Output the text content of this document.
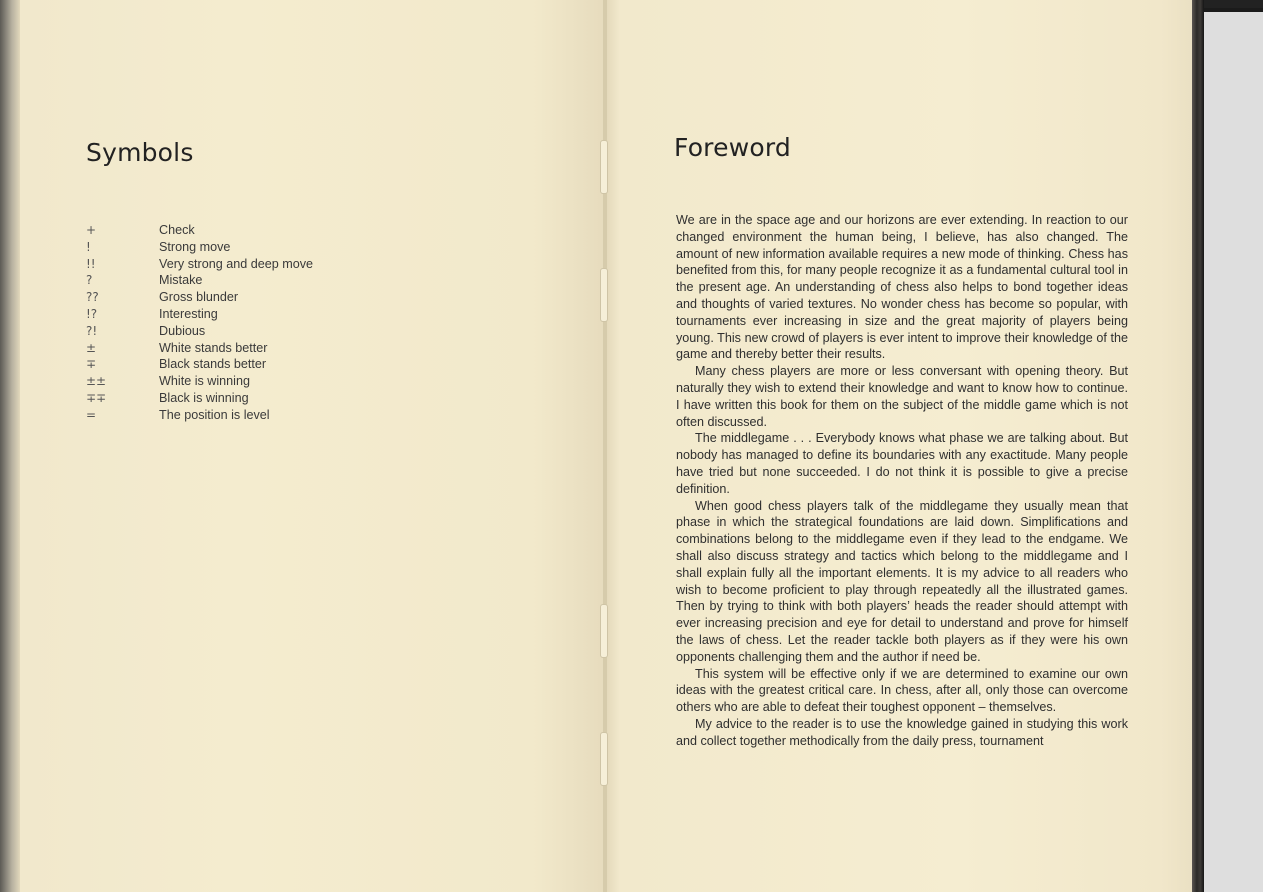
Symbols
+	Check
!	Strong move
!!	Very strong and deep move
?	Mistake
??	Gross blunder
!?	Interesting
?!	Dubious
±	White stands better
∓	Black stands better
±±	White is winning
∓∓	Black is winning
=	The position is level
Foreword

We are in the space age and our horizons are ever extending. In reaction to our changed environment the human being, I believe, has also changed. The amount of new information available requires a new mode of thinking. Chess has benefited from this, for many people recognize it as a fundamental cultural tool in the present age. An understanding of chess also helps to bond together ideas and thoughts of varied textures. No wonder chess has become so popular, with tournaments ever increasing in size and the great majority of players being young. This new crowd of players is ever intent to improve their knowledge of the game and thereby better their results.

Many chess players are more or less conversant with opening theory. But naturally they wish to extend their knowledge and want to know how to continue. I have written this book for them on the subject of the middle game which is not often discussed.

The middlegame . . . Everybody knows what phase we are talking about. But nobody has managed to define its boundaries with any exactitude. Many people have tried but none succeeded. I do not think it is possible to give a precise definition.

When good chess players talk of the middlegame they usually mean that phase in which the strategical foundations are laid down. Simplifications and combinations belong to the middlegame even if they lead to the endgame. We shall also discuss strategy and tactics which belong to the middlegame and I shall explain fully all the important elements. It is my advice to all readers who wish to become proficient to play through repeatedly all the illustrated games. Then by trying to think with both players’ heads the reader should attempt with ever increasing precision and eye for detail to understand and prove for himself the laws of chess. Let the reader tackle both players as if they were his own opponents challenging them and the author if need be.

This system will be effective only if we are determined to examine our own ideas with the greatest critical care. In chess, after all, only those can overcome others who are able to defeat their toughest opponent – themselves.

My advice to the reader is to use the knowledge gained in studying this work and collect together methodically from the daily press, tournament
